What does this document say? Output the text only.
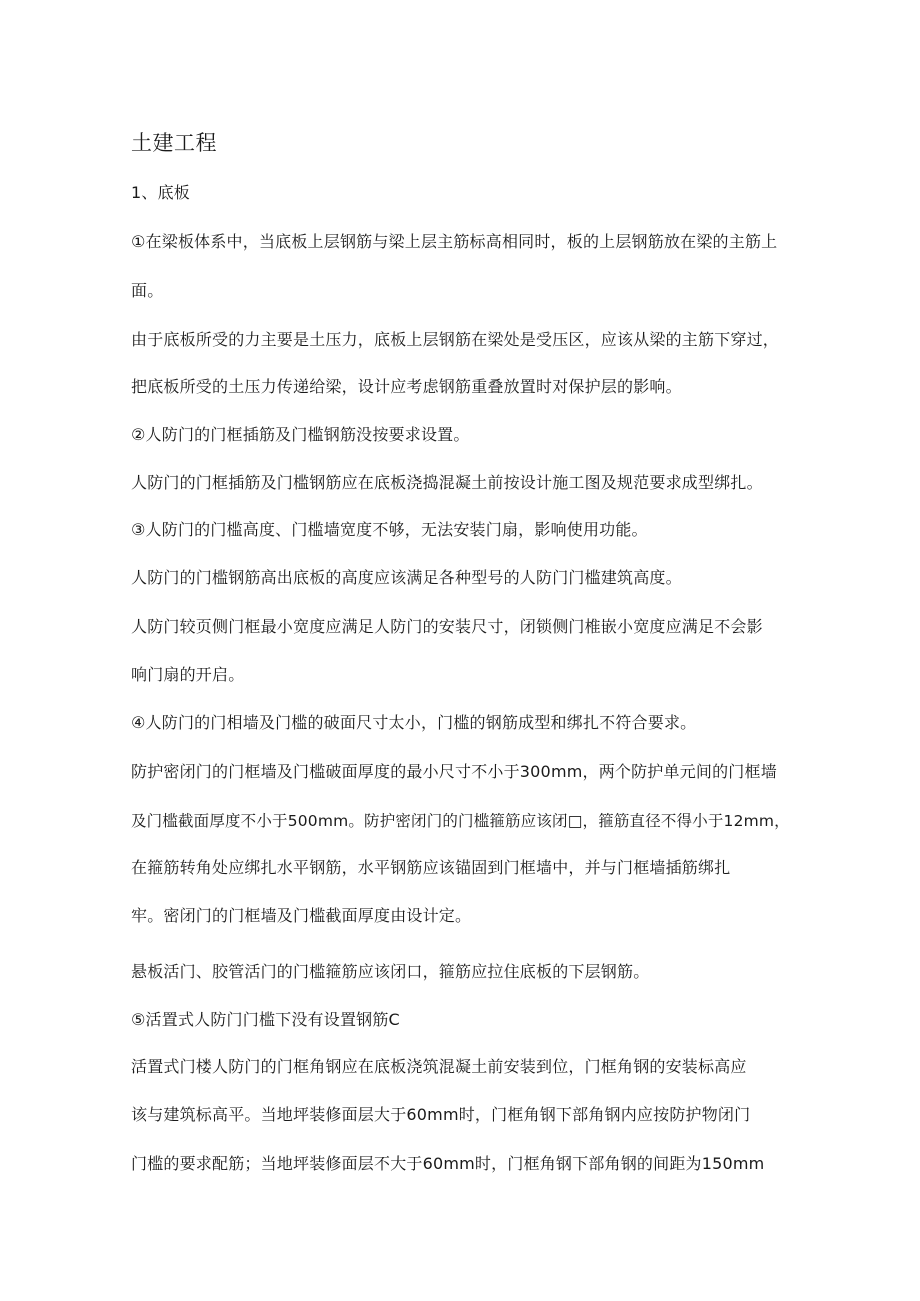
土建工程
1、底板
①在梁板体系中，当底板上层钢筋与梁上层主筋标高相同时，板的上层钢筋放在梁的主筋上
面。
由于底板所受的力主要是土压力，底板上层钢筋在梁处是受压区，应该从梁的主筋下穿过，
把底板所受的土压力传递给梁，设计应考虑钢筋重叠放置时对保护层的影响。
②人防门的门框插筋及门槛钢筋没按要求设置。
人防门的门框插筋及门槛钢筋应在底板浇捣混凝土前按设计施工图及规范要求成型绑扎。
③人防门的门槛高度、门槛墙宽度不够，无法安装门扇，影响使用功能。
人防门的门槛钢筋高出底板的高度应该满足各种型号的人防门门槛建筑高度。
人防门较页侧门框最小宽度应满足人防门的安装尺寸，闭锁侧门椎嵌小宽度应满足不会影
响门扇的开启。
④人防门的门相墙及门槛的破面尺寸太小，门槛的钢筋成型和绑扎不符合要求。
防护密闭门的门框墙及门槛破面厚度的最小尺寸不小于300mm，两个防护单元间的门框墙
及门槛截面厚度不小于500mm。防护密闭门的门槛箍筋应该闭□，箍筋直径不得小于12mm，
在箍筋转角处应绑扎水平钢筋，水平钢筋应该锚固到门框墙中，并与门框墙插筋绑扎
牢。密闭门的门框墙及门槛截面厚度由设计定。
悬板活门、胶管活门的门槛箍筋应该闭口，箍筋应拉住底板的下层钢筋。
⑤活置式人防门门槛下没有设置钢筋C
活置式门楼人防门的门框角钢应在底板浇筑混凝土前安装到位，门框角钢的安装标高应
该与建筑标高平。当地坪装修面层大于60mm时，门框角钢下部角钢内应按防护物闭门
门槛的要求配筋；当地坪装修面层不大于60mm时，门框角钢下部角钢的间距为150mm
